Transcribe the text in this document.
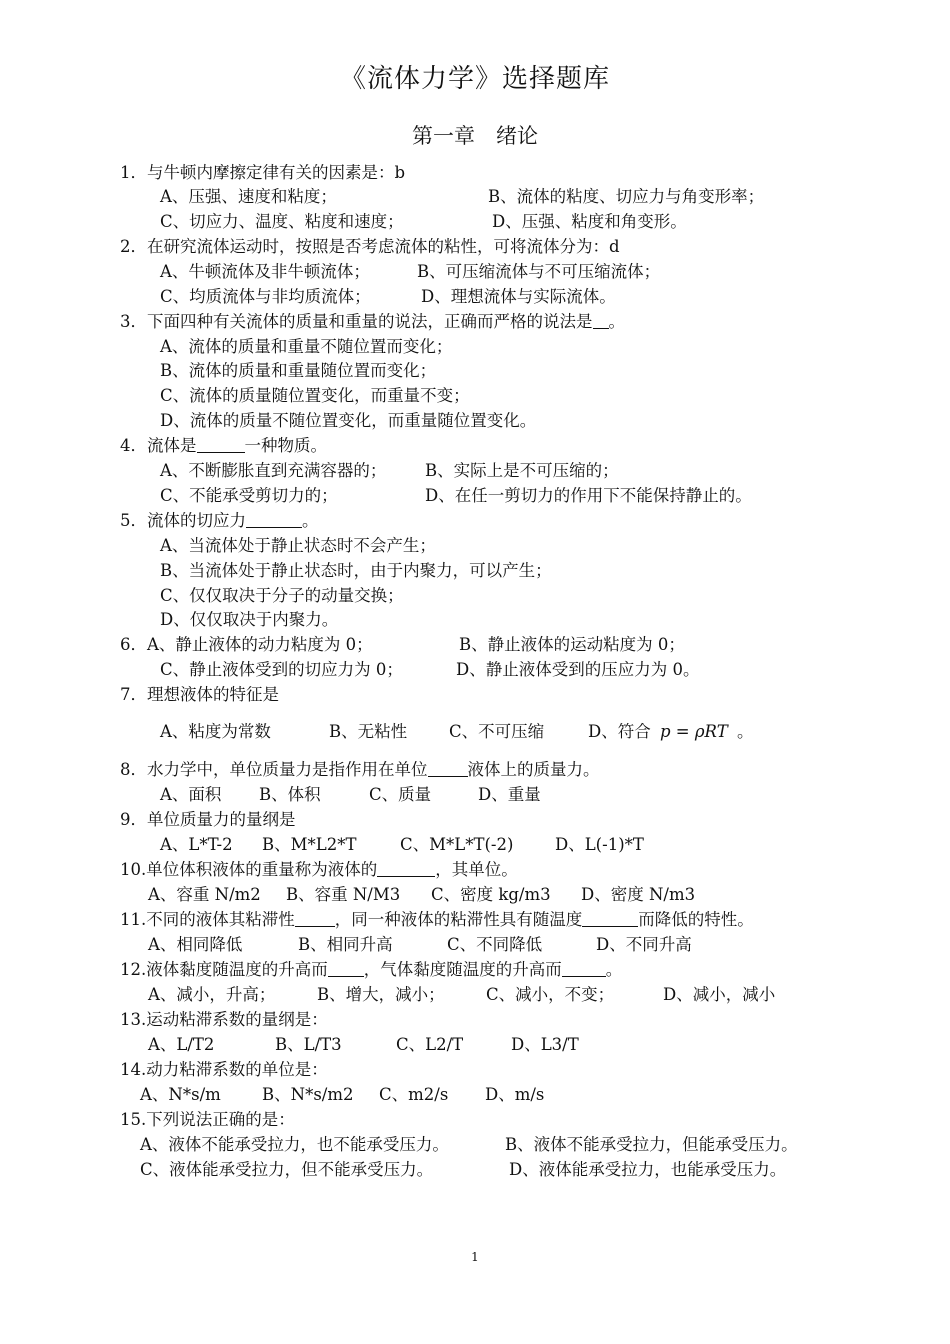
《流体力学》选择题库
第一章　绪论
1．与牛顿内摩擦定律有关的因素是：b
A、压强、速度和粘度；	B、流体的粘度、切应力与角变形率；
C、切应力、温度、粘度和速度；	D、压强、粘度和角变形。
2．在研究流体运动时，按照是否考虑流体的粘性，可将流体分为：d
A、牛顿流体及非牛顿流体；	B、可压缩流体与不可压缩流体；
C、均质流体与非均质流体；	D、理想流体与实际流体。
3．下面四种有关流体的质量和重量的说法，正确而严格的说法是 。
A、流体的质量和重量不随位置而变化；
B、流体的质量和重量随位置而变化；
C、流体的质量随位置变化，而重量不变；
D、流体的质量不随位置变化，而重量随位置变化。
4．流体是	一种物质。
A、不断膨胀直到充满容器的； B、实际上是不可压缩的；
C、不能承受剪切力的；	D、在任一剪切力的作用下不能保持静止的。
5．流体的切应力	。
A、当流体处于静止状态时不会产生；
B、当流体处于静止状态时，由于内聚力，可以产生；
C、仅仅取决于分子的动量交换；
D、仅仅取决于内聚力。
6．A、静止液体的动力粘度为 0；	B、静止液体的运动粘度为 0；
C、静止液体受到的切应力为 0；	D、静止液体受到的压应力为 0。
7．理想液体的特征是
A、粘度为常数	B、无粘性	C、不可压缩	D、符合 p = ρRT 。
8．水力学中，单位质量力是指作用在单位 液体上的质量力。
A、面积 B、体积	C、质量	D、重量
9．单位质量力的量纲是
A、L*T-2 B、M*L2*T	C、M*L*T(-2)	D、L(-1)*T
10.单位体积液体的重量称为液体的	，其单位。
A、容重 N/m2 B、容重 N/M3 C、密度 kg/m3 D、密度 N/m3
11.不同的液体其粘滞性 ，同一种液体的粘滞性具有随温度	而降低的特性。
A、相同降低	B、相同升高	C、不同降低	D、不同升高
12.液体黏度随温度的升高而 ，气体黏度随温度的升高而	。
A、减小，升高；	B、增大，减小；	C、减小，不变；	D、减小，减小
13.运动粘滞系数的量纲是：
A、L/T2	B、L/T3	C、L2/T	D、L3/T
14.动力粘滞系数的单位是：
A、N*s/m B、N*s/m2 C、m2/s D、m/s
15.下列说法正确的是：
A、液体不能承受拉力，也不能承受压力。	B、液体不能承受拉力，但能承受压力。
C、液体能承受拉力，但不能承受压力。	D、液体能承受拉力，也能承受压力。
1
